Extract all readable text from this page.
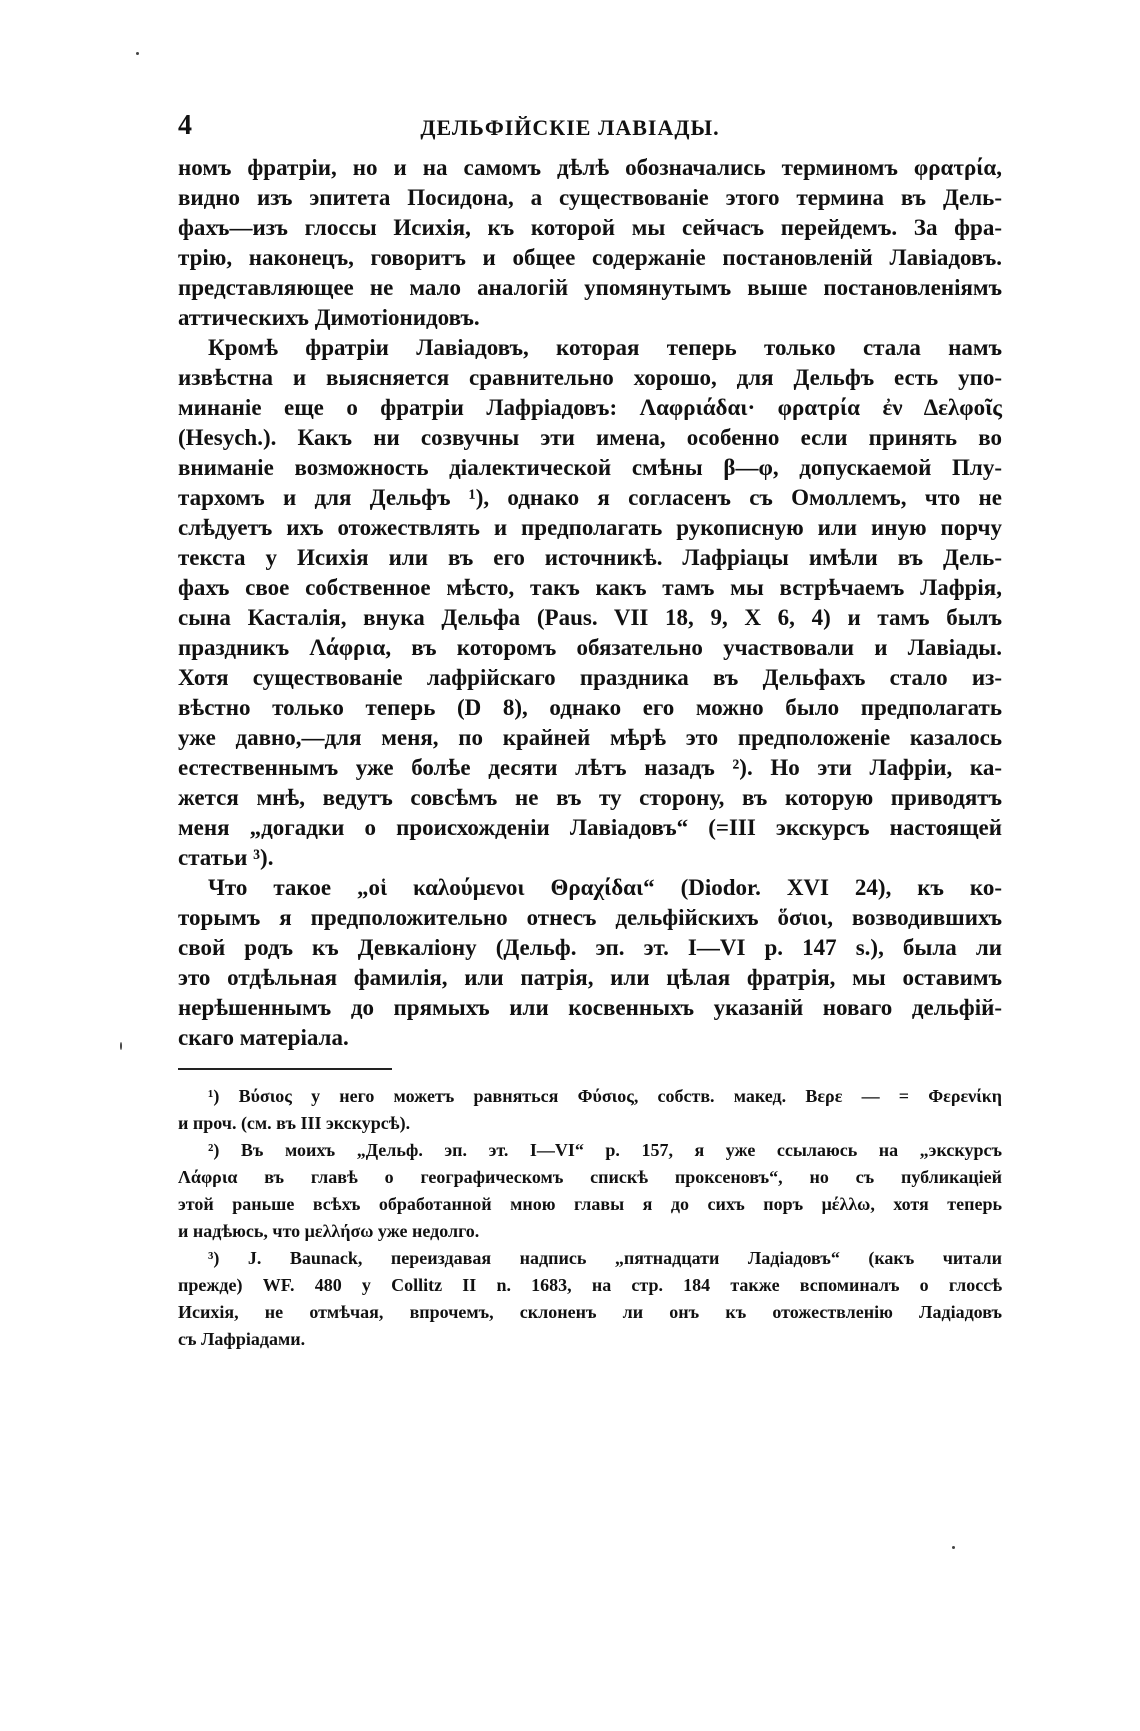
4	ДЕЛЬФІЙСКІЕ ЛАВІАДЫ.
номъ фратріи, но и на самомъ дѣлѣ обозначались терминомъ φρατρία,
видно изъ эпитета Посидона, а существованіе этого термина въ Дель-
фахъ—изъ глоссы Исихія, къ которой мы сейчасъ перейдемъ. За фра-
трію, наконецъ, говоритъ и общее содержаніе постановленій Лавіадовъ.
представляющее не мало аналогій упомянутымъ выше постановленіямъ
аттическихъ Димотіонидовъ.
Кромѣ фратріи Лавіадовъ, которая теперь только стала намъ
извѣстна и выясняется сравнительно хорошо, для Дельфъ есть упо-
минаніе еще о фратріи Лафріадовъ: Λαφριάδαι· φρατρία ἐν Δελφοῖς
(Hesych.). Какъ ни созвучны эти имена, особенно если принять во
вниманіе возможность діалектической смѣны β—φ, допускаемой Плу-
тархомъ и для Дельфъ ¹), однако я согласенъ съ Омоллемъ, что не
слѣдуетъ ихъ отожествлять и предполагать рукописную или иную порчу
текста у Исихія или въ его источникѣ. Лафріацы имѣли въ Дель-
фахъ свое собственное мѣсто, такъ какъ тамъ мы встрѣчаемъ Лафрія,
сына Касталія, внука Дельфа (Paus. VII 18, 9, X 6, 4) и тамъ былъ
праздникъ Λάφρια, въ которомъ обязательно участвовали и Лавіады.
Хотя существованіе лафрійскаго праздника въ Дельфахъ стало из-
вѣстно только теперь (D 8), однако его можно было предполагать
уже давно,—для меня, по крайней мѣрѣ это предположеніе казалось
естественнымъ уже болѣе десяти лѣтъ назадъ ²). Но эти Лафріи, ка-
жется мнѣ, ведутъ совсѣмъ не въ ту сторону, въ которую приводятъ
меня „догадки о происхожденіи Лавіадовъ“ (=III экскурсъ настоящей
статьи ³).
Что такое „οἱ καλούμενοι Θραχίδαι“ (Diodor. XVI 24), къ ко-
торымъ я предположительно отнесъ дельфійскихъ ὅσιοι, возводившихъ
свой родъ къ Девкаліону (Дельф. эп. эт. I—VI p. 147 s.), была ли
это отдѣльная фамилія, или патрія, или цѣлая фратрія, мы оставимъ
нерѣшеннымъ до прямыхъ или косвенныхъ указаній новаго дельфій-
скаго матеріала.
¹) Βύσιος у него можетъ равняться Φύσιος, собств. макед. Βερε — = Φερενίκη
и проч. (см. въ III экскурсѣ).
²) Въ моихъ „Дельф. эп. эт. I—VI“ p. 157, я уже ссылаюсь на „экскурсъ
Λάφρια въ главѣ о географическомъ спискѣ проксеновъ“, но съ публикаціей
этой раньше всѣхъ обработанной мною главы я до сихъ поръ μέλλω, хотя теперь
и надѣюсь, что μελλήσω уже недолго.
³) J. Baunack, переиздавая надпись „пятнадцати Ладіадовъ“ (какъ читали
прежде) WF. 480 у Collitz II n. 1683, на стр. 184 также вспоминалъ о глоссѣ
Исихія, не отмѣчая, впрочемъ, склоненъ ли онъ къ отожествленію Ладіадовъ
съ Лафріадами.
